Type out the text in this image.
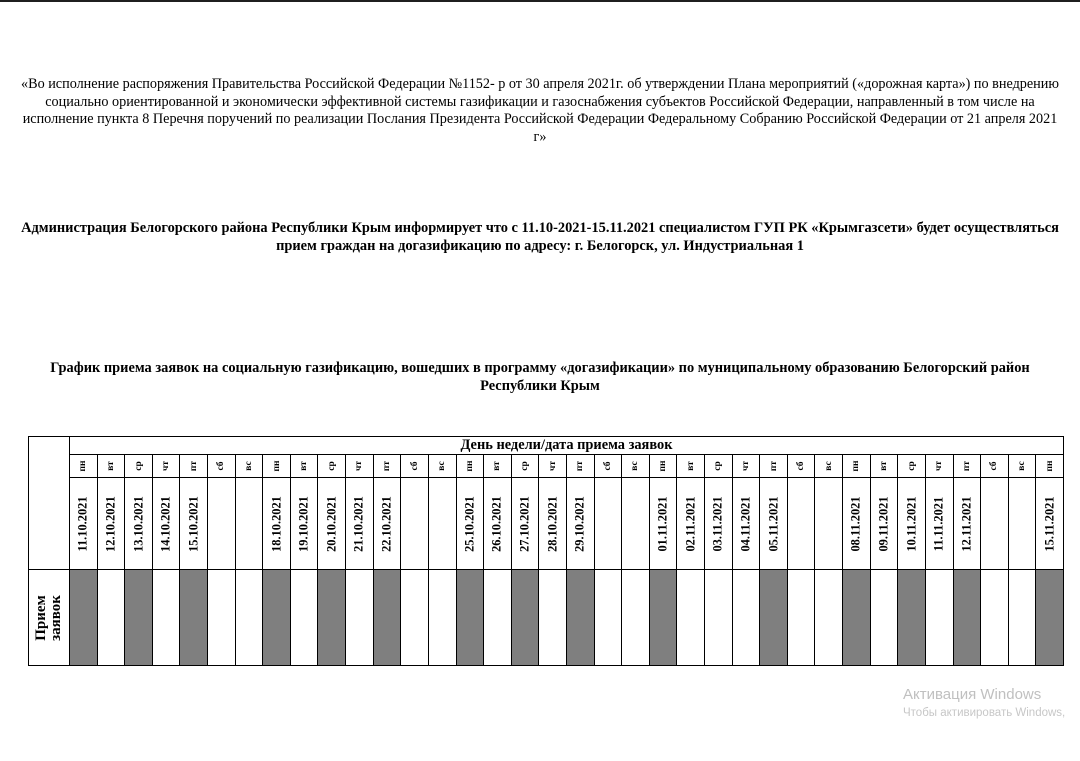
«Во исполнение распоряжения Правительства Российской Федерации №1152- р от 30 апреля 2021г. об утверждении Плана мероприятий («дорожная карта») по внедрению социально ориентированной и экономически эффективной системы газификации и газоснабжения субъектов Российской Федерации, направленный в том числе на исполнение пункта 8 Перечня поручений по реализации Послания Президента Российской Федерации Федеральному Собранию Российской Федерации от 21 апреля 2021 г»
Администрация Белогорского района Республики Крым информирует что с 11.10-2021-15.11.2021 специалистом ГУП РК «Крымгазсети» будет осуществляться прием граждан на догазификацию по адресу: г. Белогорск, ул. Индустриальная 1
График приема заявок на социальную газификацию, вошедших в программу «догазификации» по муниципальному образованию Белогорский район Республики Крым
	День недели/дата приема заявок																																			

	пн	вт	ср	чт	пт	сб	вс	пн	вт	ср	чт	пт	сб	вс	пн	вт	ср	чт	пт	сб	вс	пн	вт	ср	чт	пт	сб	вс	пн	вт	ср	чт	пт	сб	вс	пн

	11.10.2021	12.10.2021	13.10.2021	14.10.2021	15.10.2021			18.10.2021	19.10.2021	20.10.2021	21.10.2021	22.10.2021			25.10.2021	26.10.2021	27.10.2021	28.10.2021	29.10.2021			01.11.2021	02.11.2021	03.11.2021	04.11.2021	05.11.2021			08.11.2021	09.11.2021	10.11.2021	11.11.2021	12.11.2021			15.11.2021

Прием
заявок																																				

Активация Windows
Чтобы активировать Windows,
